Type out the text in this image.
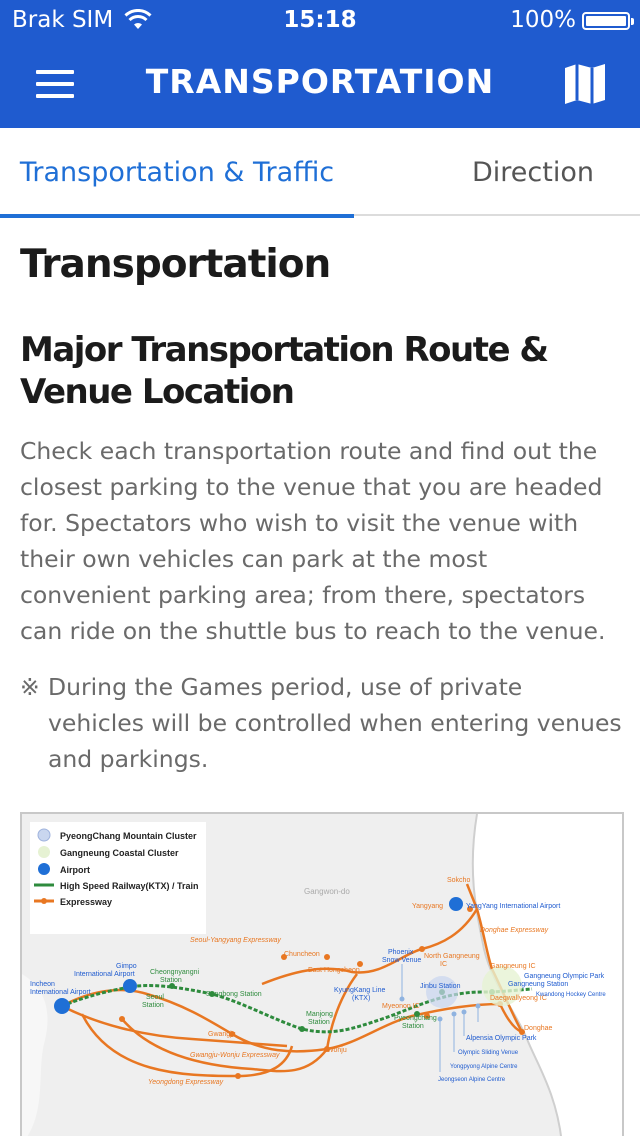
Brak SIM	15:18	100%
TRANSPORTATION
Transportation & Traffic	Direction
Transportation
Major Transportation Route & Venue Location
Check each transportation route and find out the closest parking to the venue that you are headed for. Spectators who wish to visit the venue with their own vehicles can park at the most convenient parking area; from there, spectators can ride on the shuttle bus to reach to the venue.
※ During the Games period, use of private vehicles will be controlled when entering venues and parkings.
PyeongChang Mountain Cluster
Gangneung Coastal Cluster
Airport
High Speed Railway(KTX) / Train
Expressway
Gangwon-do
Sokcho
Yangyang
Donghae Expressway
Seoul-Yangyang Expressway
Chuncheon
East Hongcheon
North Gangneung
IC	Gangneung IC
Daegwallyeong IC
Myeonon IC
Gwangju
Gwangju-Wonju Expressway
Wonju
Yeongdong Expressway
Donghae
YangYang International Airport
Phoenix
Snow Venue
Gangneung Olympic Park
Gangneung Station
Kwandong Hockey Centre
Jinbu Station
Alpensia Olympic Park
Olympic Sliding Venue
Yongpyong Alpine Centre
Jeongseon Alpine Centre
Incheon
International Airport
Gimpo
International Airport
KyungKang Line
(KTX)
Cheongnyangni
Station
Seoul
Station
Sangbong Station
Manjong
Station
Pyeongchang
Station
